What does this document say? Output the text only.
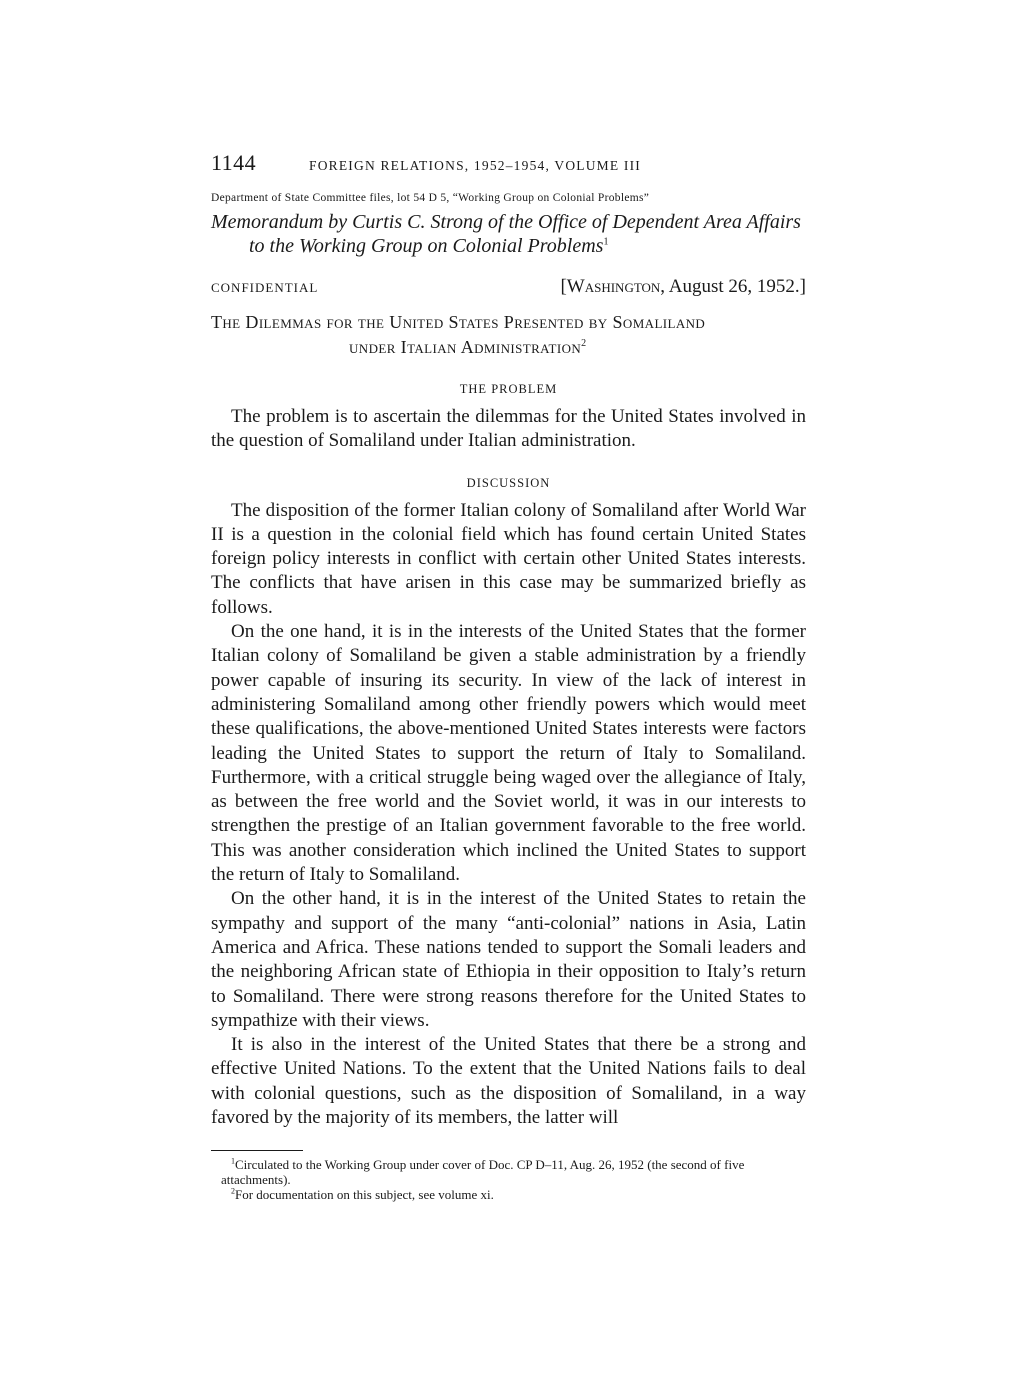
1144	FOREIGN RELATIONS, 1952–1954, VOLUME III
Department of State Committee files, lot 54 D 5, “Working Group on Colonial Problems”

Memorandum by Curtis C. Strong of the Office of Dependent Area Affairs to the Working Group on Colonial Problems$^1$

CONFIDENTIAL	[Washington, August 26, 1952.]
The Dilemmas for the United States Presented by Somaliland
under Italian Administration$^2$
THE PROBLEM

The problem is to ascertain the dilemmas for the United States involved in the question of Somaliland under Italian administration.

DISCUSSION

The disposition of the former Italian colony of Somaliland after World War II is a question in the colonial field which has found certain United States foreign policy interests in conflict with certain other United States interests. The conflicts that have arisen in this case may be summarized briefly as follows.

On the one hand, it is in the interests of the United States that the former Italian colony of Somaliland be given a stable administration by a friendly power capable of insuring its security. In view of the lack of interest in administering Somaliland among other friendly powers which would meet these qualifications, the above-mentioned United States interests were factors leading the United States to support the return of Italy to Somaliland. Furthermore, with a critical struggle being waged over the allegiance of Italy, as between the free world and the Soviet world, it was in our interests to strengthen the prestige of an Italian government favorable to the free world. This was another consideration which inclined the United States to support the return of Italy to Somaliland.

On the other hand, it is in the interest of the United States to retain the sympathy and support of the many “anti-colonial” nations in Asia, Latin America and Africa. These nations tended to support the Somali leaders and the neighboring African state of Ethiopia in their opposition to Italy’s return to Somaliland. There were strong reasons therefore for the United States to sympathize with their views.

It is also in the interest of the United States that there be a strong and effective United Nations. To the extent that the United Nations fails to deal with colonial questions, such as the disposition of Somaliland, in a way favored by the majority of its members, the latter will

$^1$Circulated to the Working Group under cover of Doc. CP D–11, Aug. 26, 1952 (the second of five attachments).

$^2$For documentation on this subject, see volume xi.
